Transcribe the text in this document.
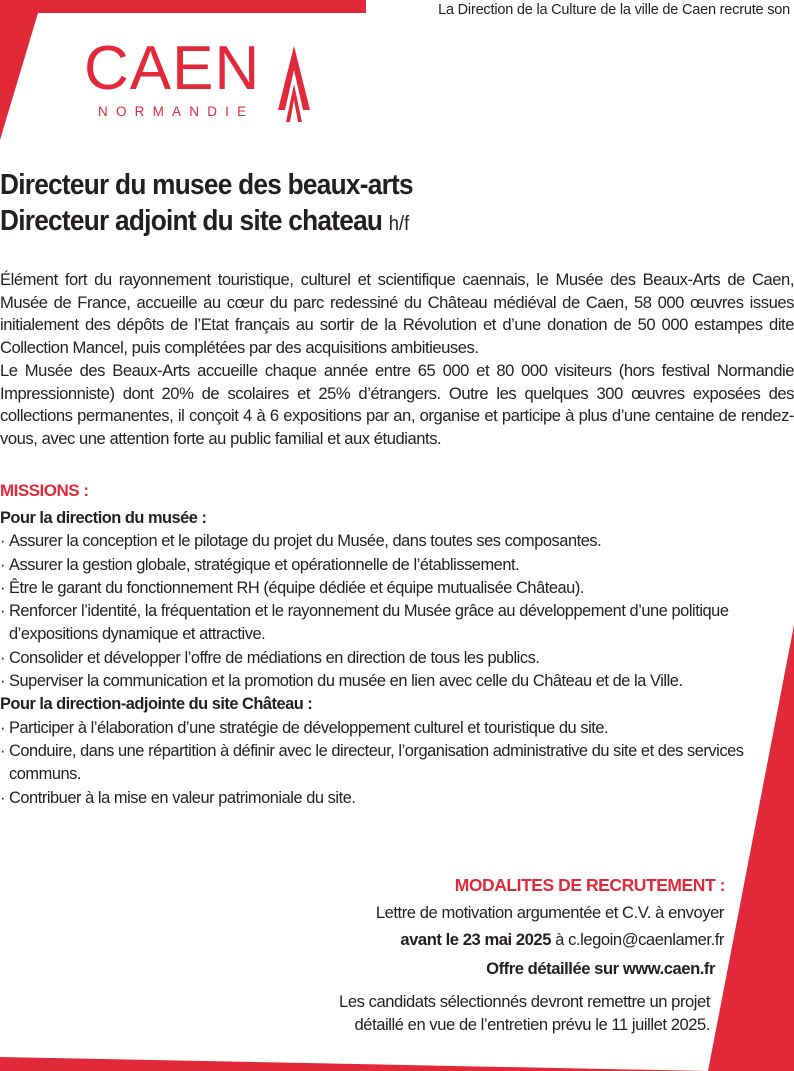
La Direction de la Culture de la ville de Caen recrute son
CAEN
NORMANDIE
Directeur du musee des beaux-arts
Directeur adjoint du site chateau h/f

Élément fort du rayonnement touristique, culturel et scientifique caennais, le Musée des Beaux-Arts de Caen, Musée de France, accueille au cœur du parc redessiné du Château médiéval de Caen, 58 000 œuvres issues initialement des dépôts de l’Etat français au sortir de la Révolution et d’une donation de 50 000 estampes dite Collection Mancel, puis complétées par des acquisitions ambitieuses.

Le Musée des Beaux-Arts accueille chaque année entre 65 000 et 80 000 visiteurs (hors festival Normandie Impressionniste) dont 20% de scolaires et 25% d’étrangers. Outre les quelques 300 œuvres exposées des collections permanentes, il conçoit 4 à 6 expositions par an, organise et participe à plus d’une centaine de rendez-vous, avec une attention forte au public familial et aux étudiants.

MISSIONS :
Pour la direction du musée :
· Assurer la conception et le pilotage du projet du Musée, dans toutes ses composantes.
· Assurer la gestion globale, stratégique et opérationnelle de l’établissement.
· Être le garant du fonctionnement RH (équipe dédiée et équipe mutualisée Château).
· Renforcer l’identité, la fréquentation et le rayonnement du Musée grâce au développement d’une politique d’expositions dynamique et attractive.
· Consolider et développer l’offre de médiations en direction de tous les publics.
· Superviser la communication et la promotion du musée en lien avec celle du Château et de la Ville.
Pour la direction-adjointe du site Château :
· Participer à l’élaboration d’une stratégie de développement culturel et touristique du site.
· Conduire, dans une répartition à définir avec le directeur, l’organisation administrative du site et des services communs.
· Contribuer à la mise en valeur patrimoniale du site.

MODALITES DE RECRUTEMENT :

Lettre de motivation argumentée et C.V. à envoyer

avant le 23 mai 2025 à c.legoin@caenlamer.fr

Offre détaillée sur www.caen.fr

Les candidats sélectionnés devront remettre un projet
détaillé en vue de l’entretien prévu le 11 juillet 2025.
